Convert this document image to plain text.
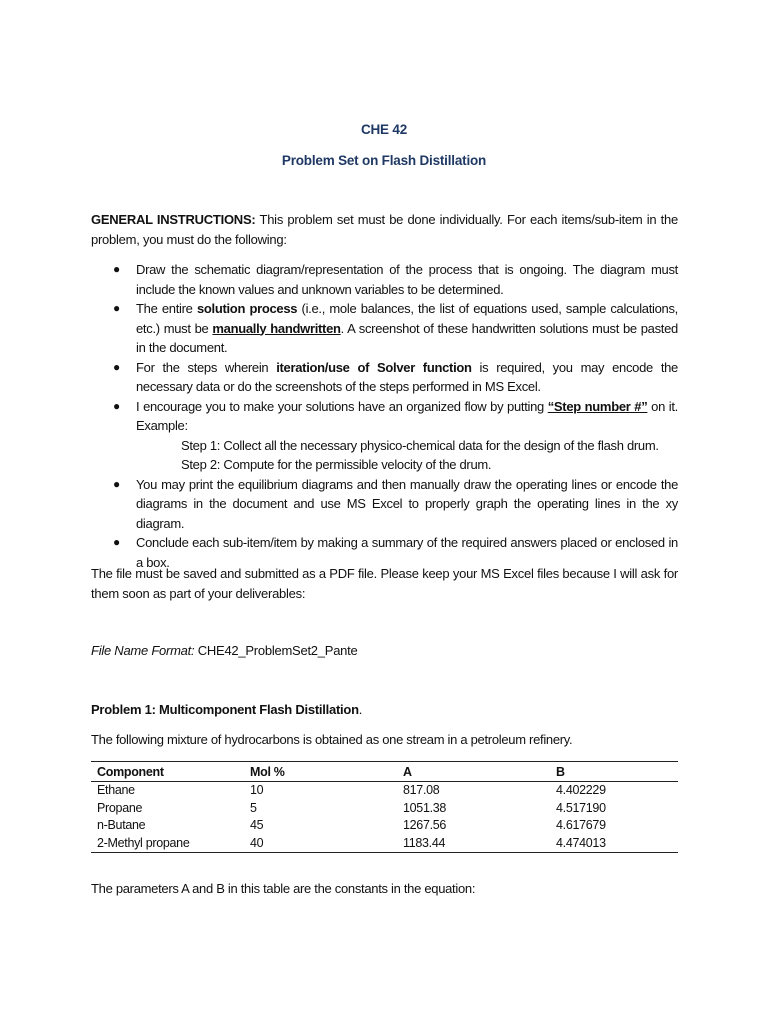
CHE 42
Problem Set on Flash Distillation
GENERAL INSTRUCTIONS: This problem set must be done individually. For each items/sub-item in the problem, you must do the following:
● Draw the schematic diagram/representation of the process that is ongoing. The diagram must include the known values and unknown variables to be determined.
● The entire solution process (i.e., mole balances, the list of equations used, sample calculations, etc.) must be manually handwritten. A screenshot of these handwritten solutions must be pasted in the document.
● For the steps wherein iteration/use of Solver function is required, you may encode the necessary data or do the screenshots of the steps performed in MS Excel.
● I encourage you to make your solutions have an organized flow by putting “Step number #” on it. Example:
Step 1: Collect all the necessary physico-chemical data for the design of the flash drum.
Step 2: Compute for the permissible velocity of the drum.
● You may print the equilibrium diagrams and then manually draw the operating lines or encode the diagrams in the document and use MS Excel to properly graph the operating lines in the xy diagram.
● Conclude each sub-item/item by making a summary of the required answers placed or enclosed in a box.
The file must be saved and submitted as a PDF file. Please keep your MS Excel files because I will ask for them soon as part of your deliverables:
File Name Format: CHE42_ProblemSet2_Pante
Problem 1: Multicomponent Flash Distillation.
The following mixture of hydrocarbons is obtained as one stream in a petroleum refinery.
Component	Mol %	A	B
Ethane	10	817.08	4.402229
Propane	5	1051.38	4.517190
n-Butane	45	1267.56	4.617679
2-Methyl propane	40	1183.44	4.474013
The parameters A and B in this table are the constants in the equation:
